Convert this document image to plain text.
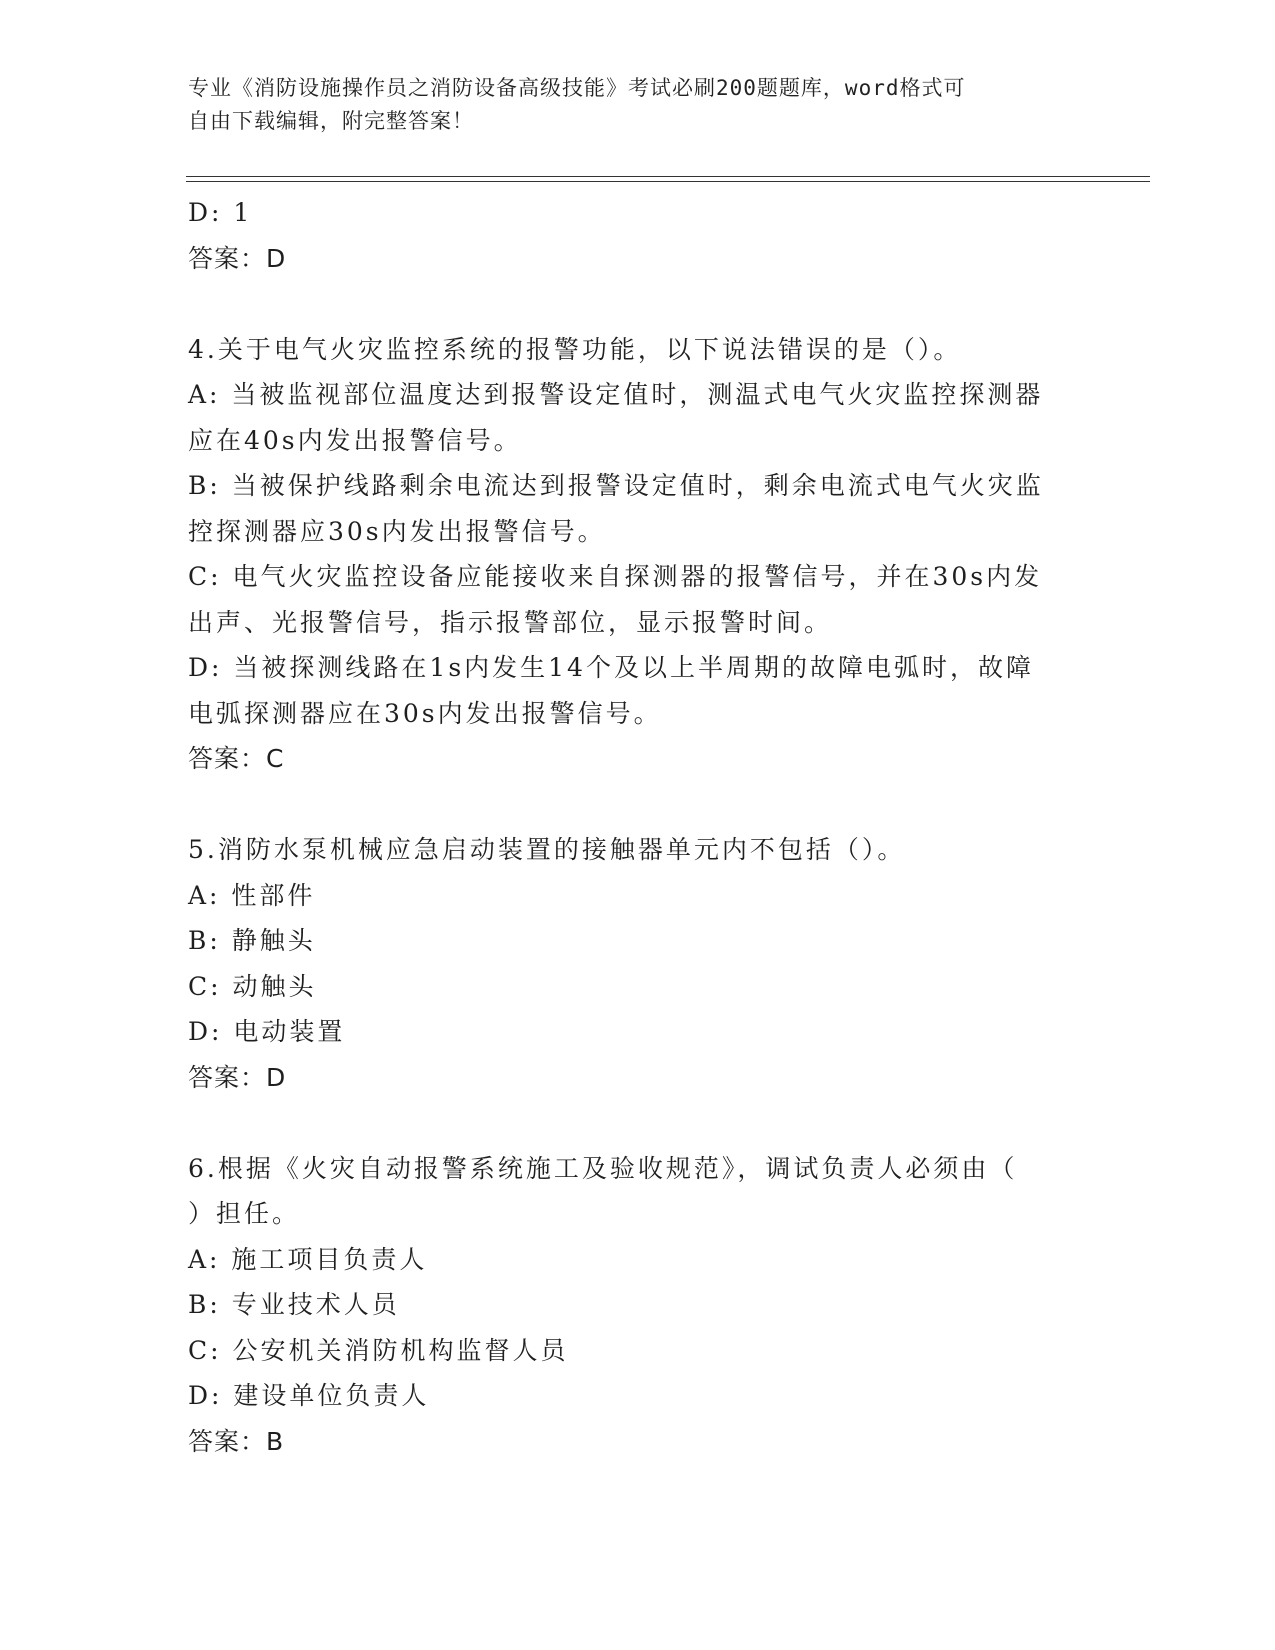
专业《消防设施操作员之消防设备高级技能》考试必刷200题题库，word格式可
自由下载编辑，附完整答案！

D: 1

答案：D

4.关于电气火灾监控系统的报警功能，以下说法错误的是（）。

A: 当被监视部位温度达到报警设定值时，测温式电气火灾监控探测器

应在40s内发出报警信号。

B: 当被保护线路剩余电流达到报警设定值时，剩余电流式电气火灾监

控探测器应30s内发出报警信号。

C: 电气火灾监控设备应能接收来自探测器的报警信号，并在30s内发

出声、光报警信号，指示报警部位，显示报警时间。

D: 当被探测线路在1s内发生14个及以上半周期的故障电弧时，故障

电弧探测器应在30s内发出报警信号。

答案：C

5.消防水泵机械应急启动装置的接触器单元内不包括（）。

A: 性部件

B: 静触头

C: 动触头

D: 电动装置

答案：D

6.根据《火灾自动报警系统施工及验收规范》，调试负责人必须由（

）担任。

A: 施工项目负责人

B: 专业技术人员

C: 公安机关消防机构监督人员

D: 建设单位负责人

答案：B
